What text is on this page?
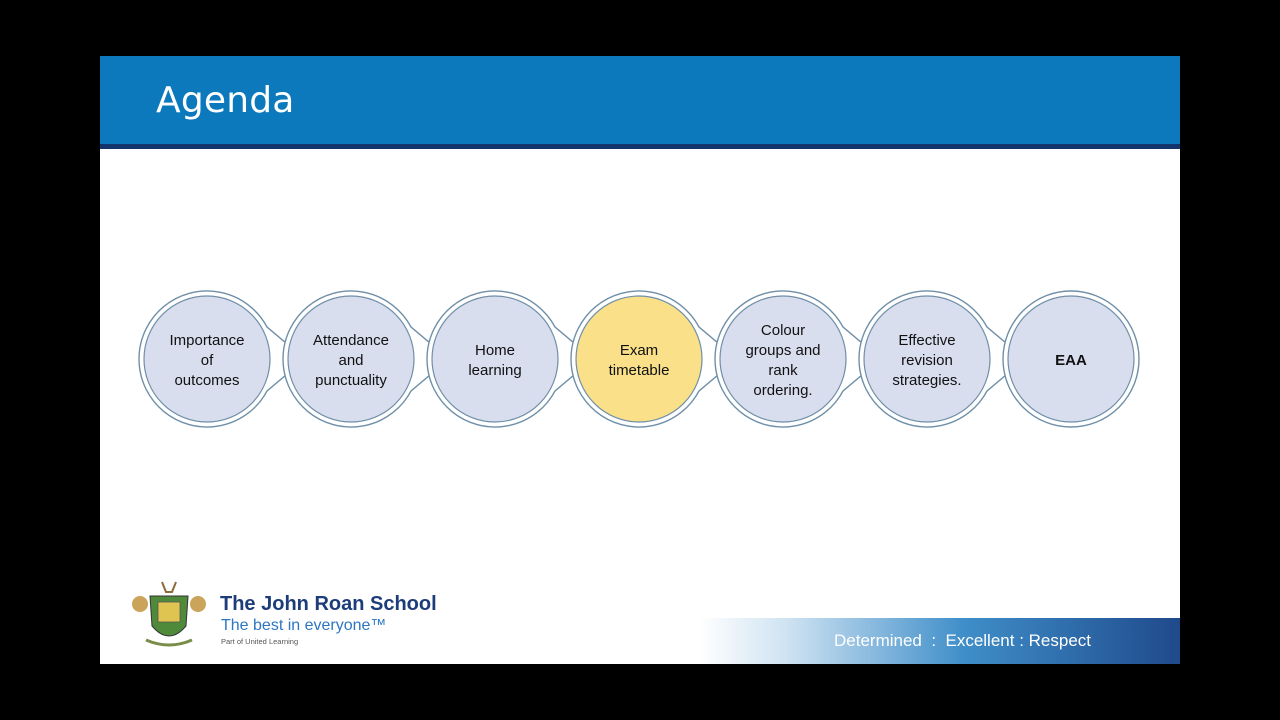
Agenda
Importance
of
outcomes
Attendance
and
punctuality
Home
learning
Exam
timetable
Colour
groups and
rank
ordering.
Effective
revision
strategies.
EAA
The John Roan School
The best in everyone™
Part of United Learning	Determined  :  Excellent : Respect
